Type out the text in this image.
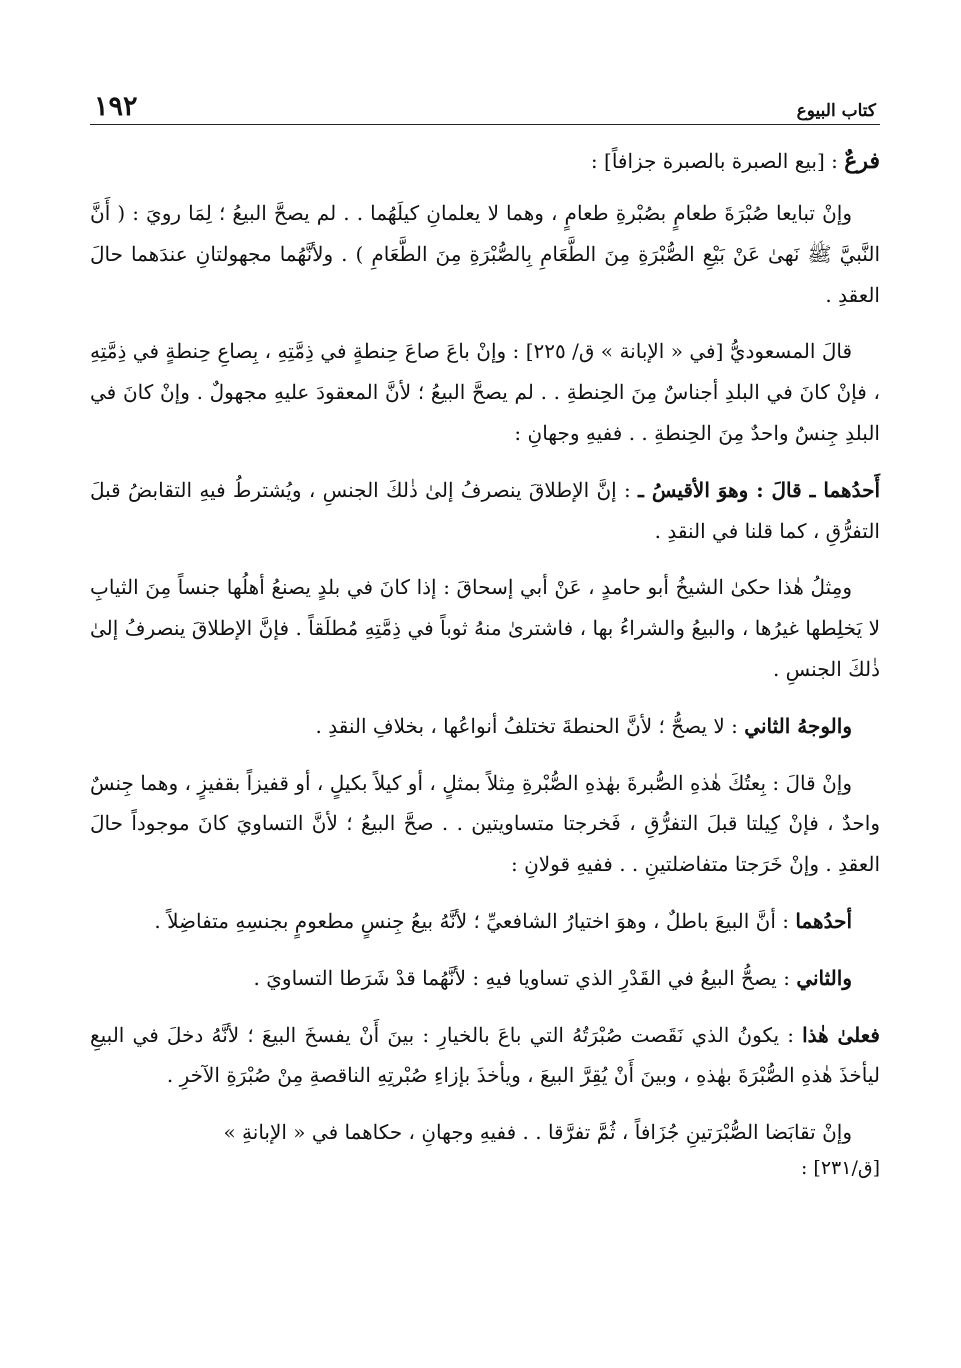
كتاب البيوع
١٩٢
فرعٌ : [بيع الصبرة بالصبرة جزافاً] :

وإنْ تبايعا صُبْرَةَ طعامٍ بصُبْرةِ طعامٍ ، وهما لا يعلمانِ كيلَهُما . . لم يصحَّ البيعُ ؛ لِمَا رويَ : ( أَنَّ النَّبيَّ ﷺ نَهىٰ عَنْ بَيْعِ الصُّبْرَةِ مِنَ الطَّعَامِ بِالصُّبْرَةِ مِنَ الطَّعَامِ ) . ولأنَّهُما مجهولتانِ عندَهما حالَ العقدِ .

قالَ المسعوديُّ [في « الإبانة » ق/ ٢٢٥] : وإنْ باعَ صاعَ حِنطةٍ في ذِمَّتِهِ ، بِصاعِ حِنطةٍ في ذِمَّتِهِ ، فإنْ كانَ في البلدِ أجناسٌ مِنَ الحِنطةِ . . لم يصحَّ البيعُ ؛ لأنَّ المعقودَ عليهِ مجهولٌ . وإنْ كانَ في البلدِ جِنسٌ واحدٌ مِنَ الحِنطةِ . . ففيهِ وجهانِ :

أَحدُهما ـ قالَ : وهوَ الأقيسُ ـ : إنَّ الإطلاقَ ينصرفُ إلىٰ ذٰلكَ الجنسِ ، ويُشترطُ فيهِ التقابضُ قبلَ التفرُّقِ ، كما قلنا في النقدِ .

ومِثلُ هٰذا حكىٰ الشيخُ أبو حامدٍ ، عَنْ أبي إسحاقَ : إذا كانَ في بلدٍ يصنعُ أهلُها جنساً مِنَ الثيابِ لا يَخلِطها غيرُها ، والبيعُ والشراءُ بها ، فاشترىٰ منهُ ثوباً في ذِمَّتِهِ مُطلَقاً . فإنَّ الإطلاقَ ينصرفُ إلىٰ ذٰلكَ الجنسِ .

والوجهُ الثاني : لا يصحُّ ؛ لأنَّ الحنطةَ تختلفُ أنواعُها ، بخلافِ النقدِ .

وإنْ قالَ : بِعتُكَ هٰذهِ الصُّبرةَ بهٰذهِ الصُّبْرةِ مِثلاً بمثلٍ ، أو كيلاً بكيلٍ ، أو قفيزاً بقفيزٍ ، وهما جِنسٌ واحدٌ ، فإنْ كِيلتا قبلَ التفرُّقِ ، فَخرجتا متساويتين . . صحَّ البيعُ ؛ لأنَّ التساويَ كانَ موجوداً حالَ العقدِ . وإنْ خَرَجتا متفاضلتينِ . . ففيهِ قولانِ :

أحدُهما : أنَّ البيعَ باطلٌ ، وهوَ اختيارُ الشافعيِّ ؛ لأنَّهُ بيعُ جِنسٍ مطعومٍ بجنسِهِ متفاضِلاً .

والثاني : يصحُّ البيعُ في القَدْرِ الذي تساويا فيهِ : لأنَّهُما قدْ شَرَطا التساويَ .

فعلىٰ هٰذا : يكونُ الذي نَقَصت صُبْرَتُهُ التي باعَ بالخيارِ : بينَ أَنْ يفسخَ البيعَ ؛ لأنَّهُ دخلَ في البيعِ ليأخذَ هٰذهِ الصُّبْرَةَ بهٰذهِ ، وبينَ أَنْ يُقِرَّ البيعَ ، ويأخذَ بإزاءِ صُبْرتِهِ الناقصةِ مِنْ صُبْرَةِ الآخرِ .

وإنْ تقابَضا الصُّبْرَتينِ جُزَافاً ، ثُمَّ تفرَّقا . . ففيهِ وجهانِ ، حكاهما في « الإبانةِ »

[ق/٢٣١] :
